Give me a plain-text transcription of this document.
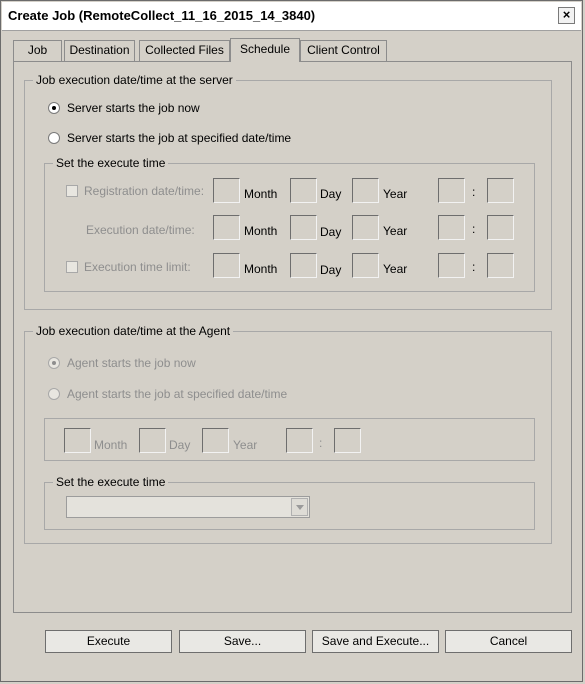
Create Job (RemoteCollect_11_16_2015_14_3840)	×
Job	Destination	Collected Files	Schedule	Client Control
Job execution date/time at the server
Server starts the job now
Server starts the job at specified date/time
Set the execute time
Registration date/time:	Month	Day	Year	:
Execution date/time:	Month	Day	Year	:
Execution time limit:	Month	Day	Year	:
Job execution date/time at the Agent
Agent starts the job now
Agent starts the job at specified date/time
Month	Day	Year	:
Set the execute time
Execute	Save...	Save and Execute...	Cancel
